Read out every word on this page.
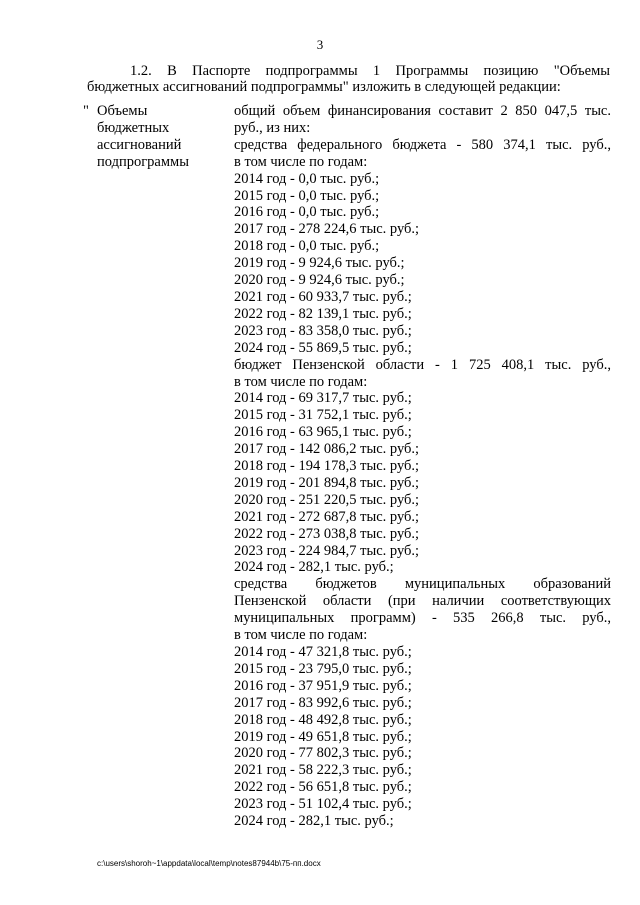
3

1.2. В Паспорте подпрограммы 1 Программы позицию "Объемы
бюджетных ассигнований подпрограммы" изложить в следующей редакции:

" Объемы
бюджетных
ассигнований
подпрограммы
общий объем финансирования составит 2 850 047,5 тыс.
руб., из них:
средства федерального бюджета - 580 374,1 тыс. руб.,
в том числе по годам:
2014 год - 0,0 тыс. руб.;
2015 год - 0,0 тыс. руб.;
2016 год - 0,0 тыс. руб.;
2017 год - 278 224,6 тыс. руб.;
2018 год - 0,0 тыс. руб.;
2019 год - 9 924,6 тыс. руб.;
2020 год - 9 924,6 тыс. руб.;
2021 год - 60 933,7 тыс. руб.;
2022 год - 82 139,1 тыс. руб.;
2023 год - 83 358,0 тыс. руб.;
2024 год - 55 869,5 тыс. руб.;
бюджет Пензенской области - 1 725 408,1 тыс. руб.,
в том числе по годам:
2014 год - 69 317,7 тыс. руб.;
2015 год - 31 752,1 тыс. руб.;
2016 год - 63 965,1 тыс. руб.;
2017 год - 142 086,2 тыс. руб.;
2018 год - 194 178,3 тыс. руб.;
2019 год - 201 894,8 тыс. руб.;
2020 год - 251 220,5 тыс. руб.;
2021 год - 272 687,8 тыс. руб.;
2022 год - 273 038,8 тыс. руб.;
2023 год - 224 984,7 тыс. руб.;
2024 год - 282,1 тыс. руб.;
средства бюджетов муниципальных образований
Пензенской области (при наличии соответствующих
муниципальных программ) - 535 266,8 тыс. руб.,
в том числе по годам:
2014 год - 47 321,8 тыс. руб.;
2015 год - 23 795,0 тыс. руб.;
2016 год - 37 951,9 тыс. руб.;
2017 год - 83 992,6 тыс. руб.;
2018 год - 48 492,8 тыс. руб.;
2019 год - 49 651,8 тыс. руб.;
2020 год - 77 802,3 тыс. руб.;
2021 год - 58 222,3 тыс. руб.;
2022 год - 56 651,8 тыс. руб.;
2023 год - 51 102,4 тыс. руб.;
2024 год - 282,1 тыс. руб.;
c:\users\shoroh~1\appdata\local\temp\notes87944b\75-пп.docx
